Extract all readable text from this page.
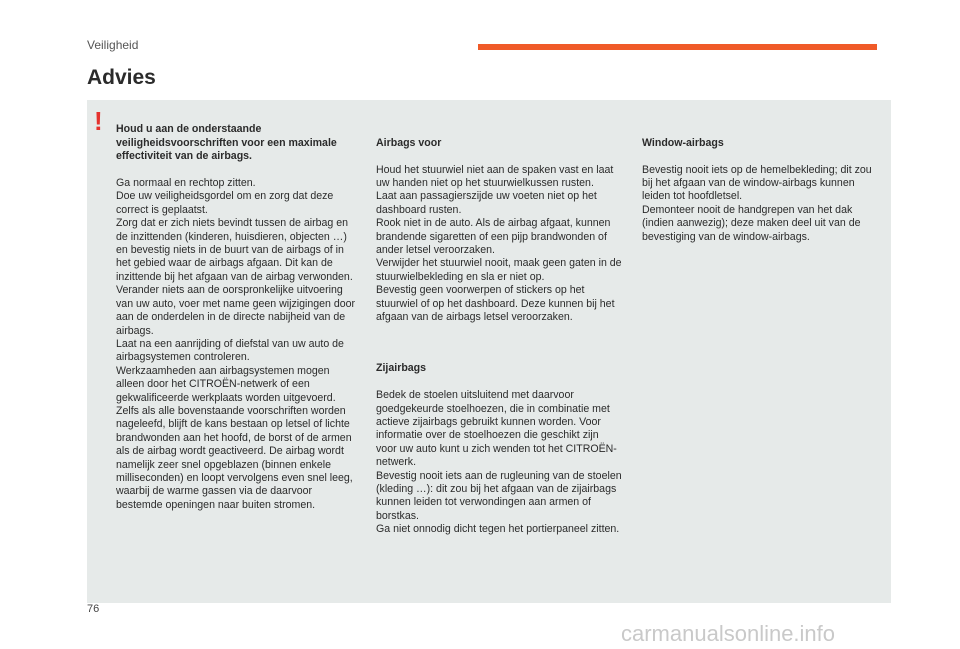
Veiligheid
Advies
!	Houd u aan de onderstaande veiligheidsvoorschriften voor een maximale effectiviteit van de airbags.

Ga normaal en rechtop zitten.
Doe uw veiligheidsgordel om en zorg dat deze correct is geplaatst.
Zorg dat er zich niets bevindt tussen de airbag en de inzittenden (kinderen, huisdieren, objecten …) en bevestig niets in de buurt van de airbags of in het gebied waar de airbags afgaan. Dit kan de inzittende bij het afgaan van de airbag verwonden.
Verander niets aan de oorspronkelijke uitvoering van uw auto, voer met name geen wijzigingen door aan de onderdelen in de directe nabijheid van de airbags.
Laat na een aanrijding of diefstal van uw auto de airbagsystemen controleren.
Werkzaamheden aan airbagsystemen mogen alleen door het CITROËN-netwerk of een gekwalificeerde werkplaats worden uitgevoerd.
Zelfs als alle bovenstaande voorschriften worden nageleefd, blijft de kans bestaan op letsel of lichte brandwonden aan het hoofd, de borst of de armen als de airbag wordt geactiveerd. De airbag wordt namelijk zeer snel opgeblazen (binnen enkele milliseconden) en loopt vervolgens even snel leeg, waarbij de warme gassen via de daarvoor bestemde openingen naar buiten stromen.

Airbags voor

Houd het stuurwiel niet aan de spaken vast en laat uw handen niet op het stuurwielkussen rusten.
Laat aan passagierszijde uw voeten niet op het dashboard rusten.
Rook niet in de auto. Als de airbag afgaat, kunnen brandende sigaretten of een pijp brandwonden of ander letsel veroorzaken.
Verwijder het stuurwiel nooit, maak geen gaten in de stuurwielbekleding en sla er niet op.
Bevestig geen voorwerpen of stickers op het stuurwiel of op het dashboard. Deze kunnen bij het afgaan van de airbags letsel veroorzaken.

Zijairbags

Bedek de stoelen uitsluitend met daarvoor goedgekeurde stoelhoezen, die in combinatie met actieve zijairbags gebruikt kunnen worden. Voor informatie over de stoelhoezen die geschikt zijn voor uw auto kunt u zich wenden tot het CITROËN-netwerk.
Bevestig nooit iets aan de rugleuning van de stoelen (kleding …): dit zou bij het afgaan van de zijairbags kunnen leiden tot verwondingen aan armen of borstkas.
Ga niet onnodig dicht tegen het portierpaneel zitten.

Window-airbags

Bevestig nooit iets op de hemelbekleding; dit zou bij het afgaan van de window-airbags kunnen leiden tot hoofdletsel.
Demonteer nooit de handgrepen van het dak (indien aanwezig); deze maken deel uit van de bevestiging van de window-airbags.

76
carmanualsonline.info
